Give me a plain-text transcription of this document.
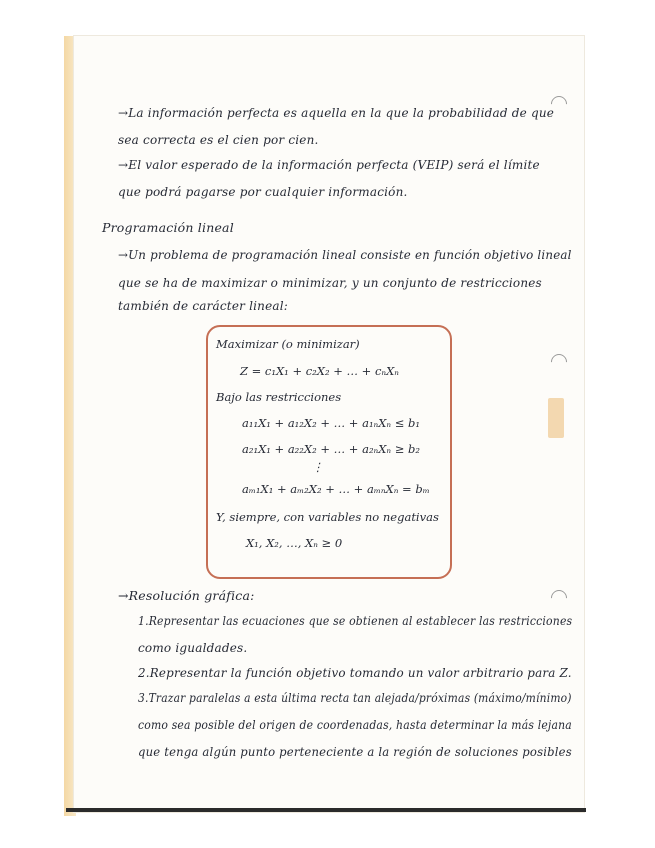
→La información perfecta es aquella en la que la probabilidad de que
sea correcta es el cien por cien.
→El valor esperado de la información perfecta (VEIP) será el límite
que podrá pagarse por cualquier información.
Programación lineal
→Un problema de programación lineal consiste en función objetivo lineal
que se ha de maximizar o minimizar, y un conjunto de restricciones
también de carácter lineal:
Maximizar (o minimizar)
Z = c₁X₁ + c₂X₂ + … + cₙXₙ
Bajo las restricciones
a₁₁X₁ + a₁₂X₂ + … + a₁ₙXₙ ≤ b₁
a₂₁X₁ + a₂₂X₂ + … + a₂ₙXₙ ≥ b₂
⋮
aₘ₁X₁ + aₘ₂X₂ + … + aₘₙXₙ = bₘ
Y, siempre, con variables no negativas
X₁, X₂, …, Xₙ ≥ 0
→Resolución gráfica:
1.Representar las ecuaciones que se obtienen al establecer las restricciones
como igualdades.
2.Representar la función objetivo tomando un valor arbitrario para Z.
3.Trazar paralelas a esta última recta tan alejada/próximas (máximo/mínimo)
como sea posible del origen de coordenadas, hasta determinar la más lejana
que tenga algún punto perteneciente a la región de soluciones posibles
